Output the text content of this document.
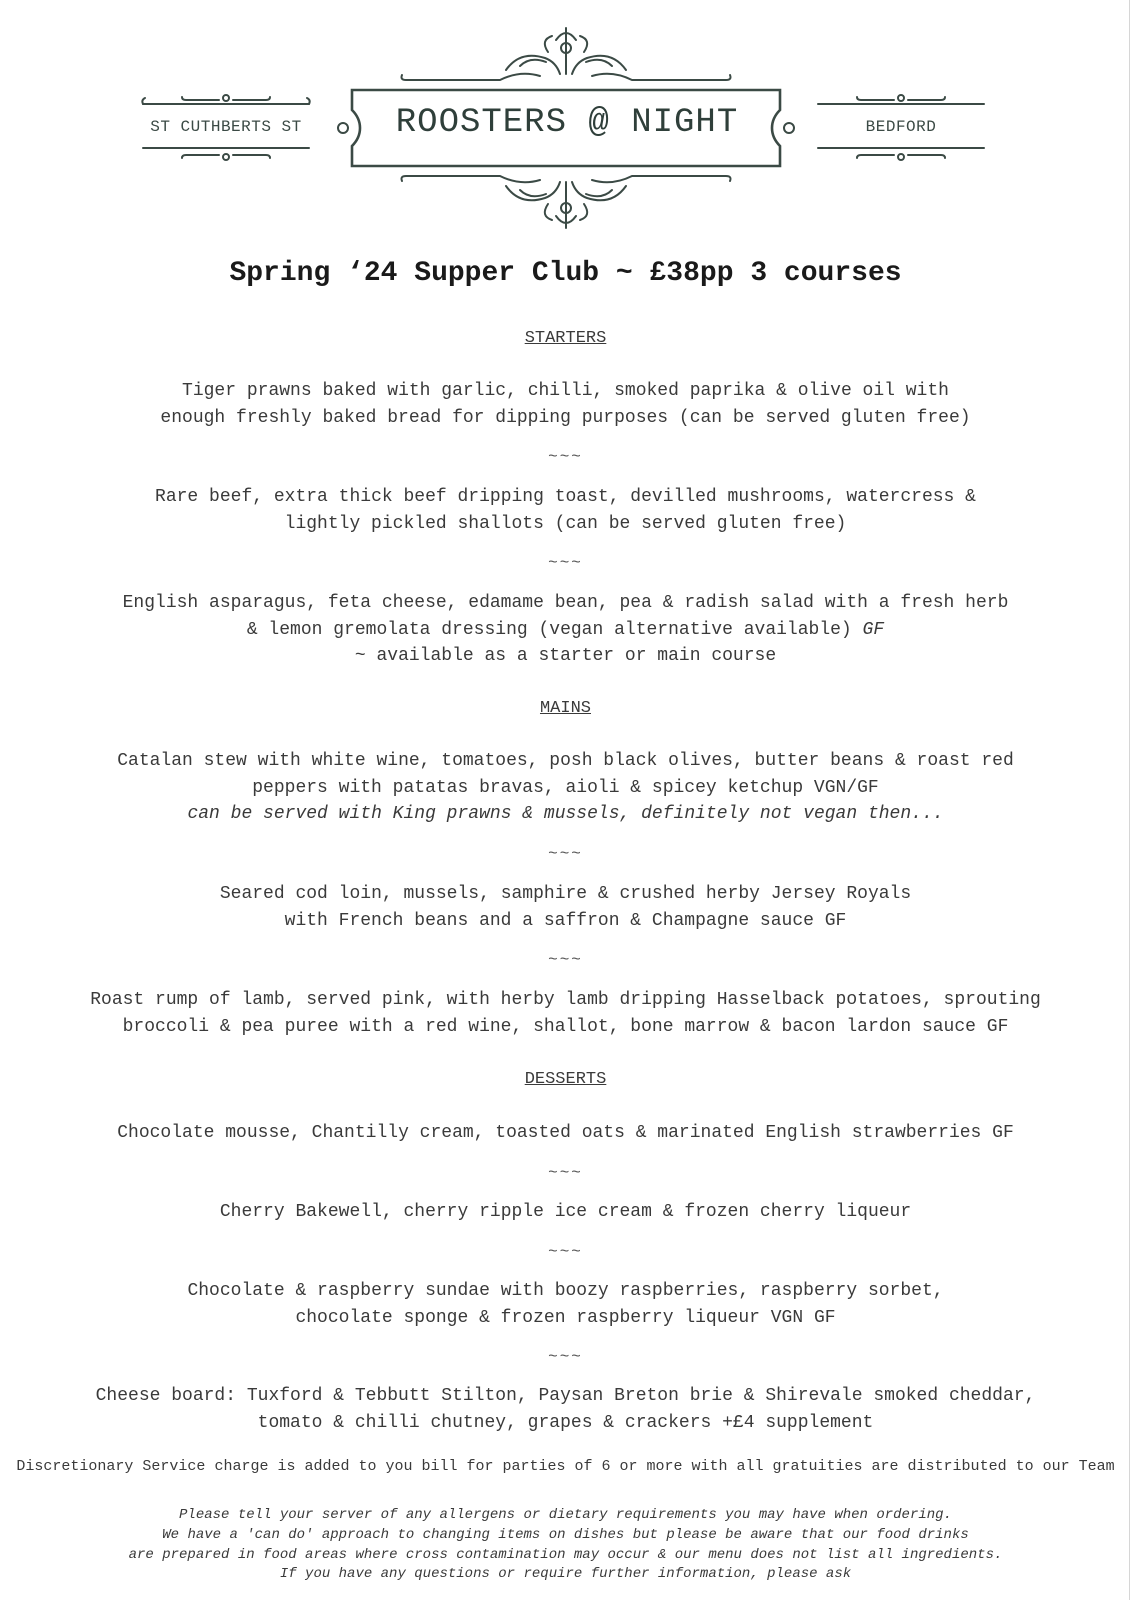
ST CUTHBERTS ST	ROOSTERS @ NIGHT	BEDFORD
Spring ‘24 Supper Club ~ £38pp 3 courses
STARTERS
Tiger prawns baked with garlic, chilli, smoked paprika & olive oil with
enough freshly baked bread for dipping purposes (can be served gluten free)
~~~
Rare beef, extra thick beef dripping toast, devilled mushrooms, watercress &
lightly pickled shallots (can be served gluten free)
~~~
English asparagus, feta cheese, edamame bean, pea & radish salad with a fresh herb
& lemon gremolata dressing (vegan alternative available) GF
~ available as a starter or main course
MAINS
Catalan stew with white wine, tomatoes, posh black olives, butter beans & roast red
peppers with patatas bravas, aioli & spicey ketchup VGN/GF
can be served with King prawns & mussels, definitely not vegan then...
~~~
Seared cod loin, mussels, samphire & crushed herby Jersey Royals
with French beans and a saffron & Champagne sauce GF
~~~
Roast rump of lamb, served pink, with herby lamb dripping Hasselback potatoes, sprouting
broccoli & pea puree with a red wine, shallot, bone marrow & bacon lardon sauce GF
DESSERTS
Chocolate mousse, Chantilly cream, toasted oats & marinated English strawberries GF
~~~
Cherry Bakewell, cherry ripple ice cream & frozen cherry liqueur
~~~
Chocolate & raspberry sundae with boozy raspberries, raspberry sorbet,
chocolate sponge & frozen raspberry liqueur VGN GF
~~~
Cheese board: Tuxford & Tebbutt Stilton, Paysan Breton brie & Shirevale smoked cheddar,
tomato & chilli chutney, grapes & crackers +£4 supplement
Discretionary Service charge is added to you bill for parties of 6 or more with all gratuities are distributed to our Team
Please tell your server of any allergens or dietary requirements you may have when ordering.
We have a 'can do' approach to changing items on dishes but please be aware that our food drinks
are prepared in food areas where cross contamination may occur & our menu does not list all ingredients.
If you have any questions or require further information, please ask
